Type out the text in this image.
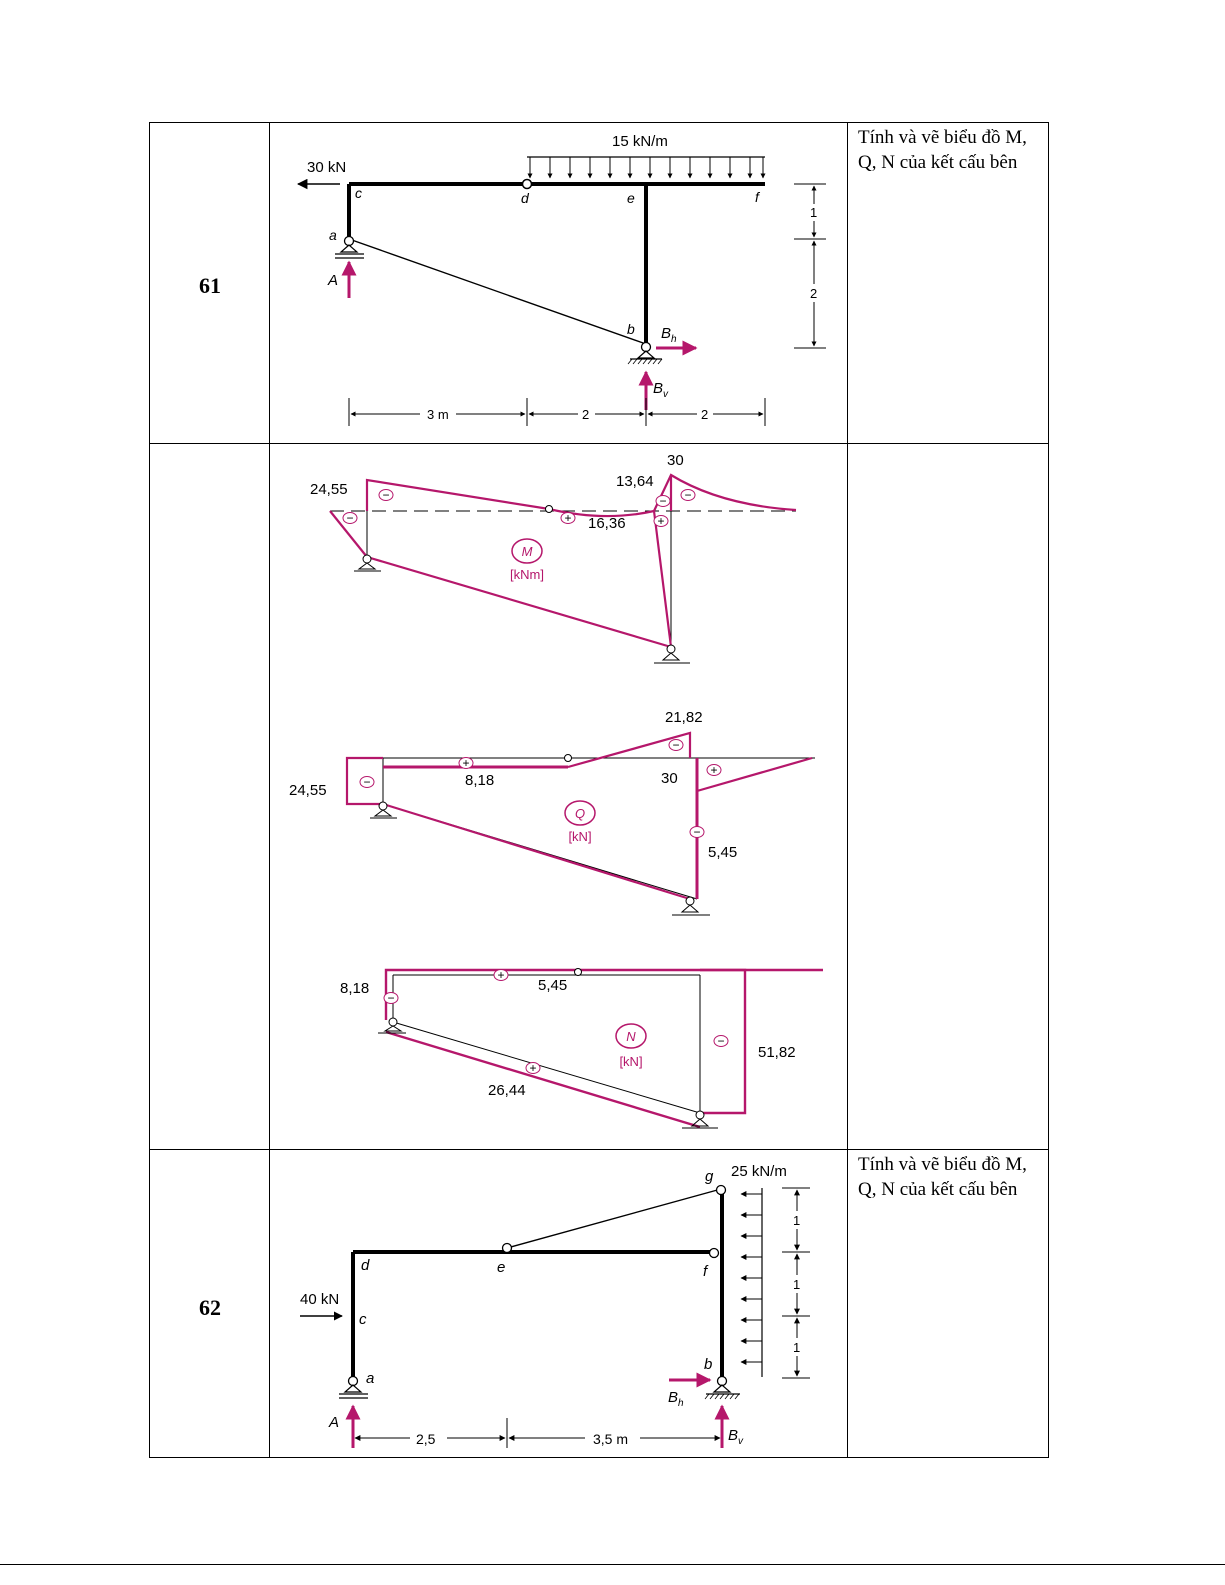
61
Tính và vẽ biểu đồ M, Q, N của kết cấu bên
62
Tính và vẽ biểu đồ M, Q, N của kết cấu bên
15 kN/m
30 kN
A
$B_h$
$B_v$
c
a
d	e	f
b
3 m	2	2
1
2
−
−	+
−
+
−
24,55
30
13,64
16,36
M
[kNm]
−
+
−
+
−
24,55
8,18
21,82
30
5,45
Q
[kN]
−
+
−
+
8,18	5,45
51,82
26,44
N
[kN]
25 kN/m
40 kN
A
$B_h$
$B_v$
d	e	f
g
c
a
b
2,5	3,5 m
1
1
1
